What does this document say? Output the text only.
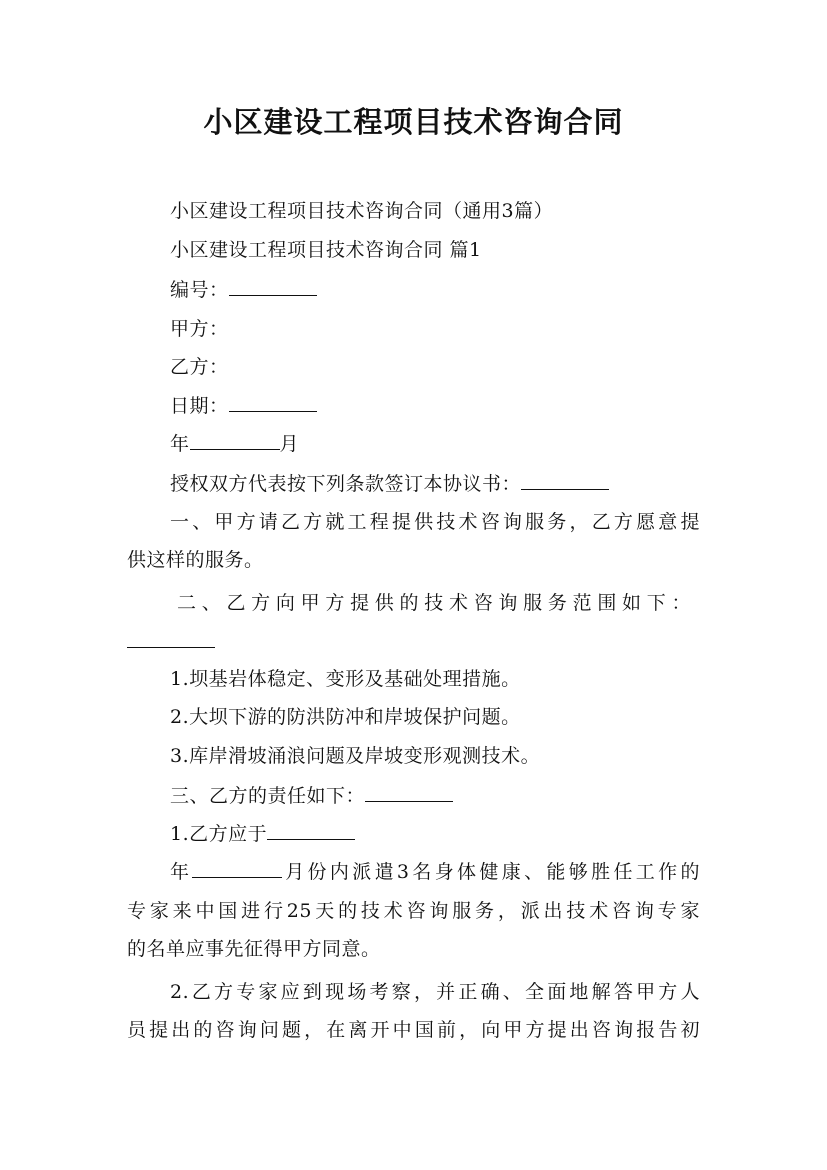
小区建设工程项目技术咨询合同
小区建设工程项目技术咨询合同（通用3篇）
小区建设工程项目技术咨询合同 篇1
编号：
甲方：
乙方：
日期：
年	月
授权双方代表按下列条款签订本协议书：
一、甲方请乙方就工程提供技术咨询服务，乙方愿意提
供这样的服务。
二、乙方向甲方提供的技术咨询服务范围如下：
1.坝基岩体稳定、变形及基础处理措施。
2.大坝下游的防洪防冲和岸坡保护问题。
3.库岸滑坡涌浪问题及岸坡变形观测技术。
三、乙方的责任如下：
1.乙方应于
年	月份内派遣3名身体健康、能够胜任工作的
专家来中国进行25天的技术咨询服务，派出技术咨询专家
的名单应事先征得甲方同意。
2.乙方专家应到现场考察，并正确、全面地解答甲方人
员提出的咨询问题，在离开中国前，向甲方提出咨询报告初
